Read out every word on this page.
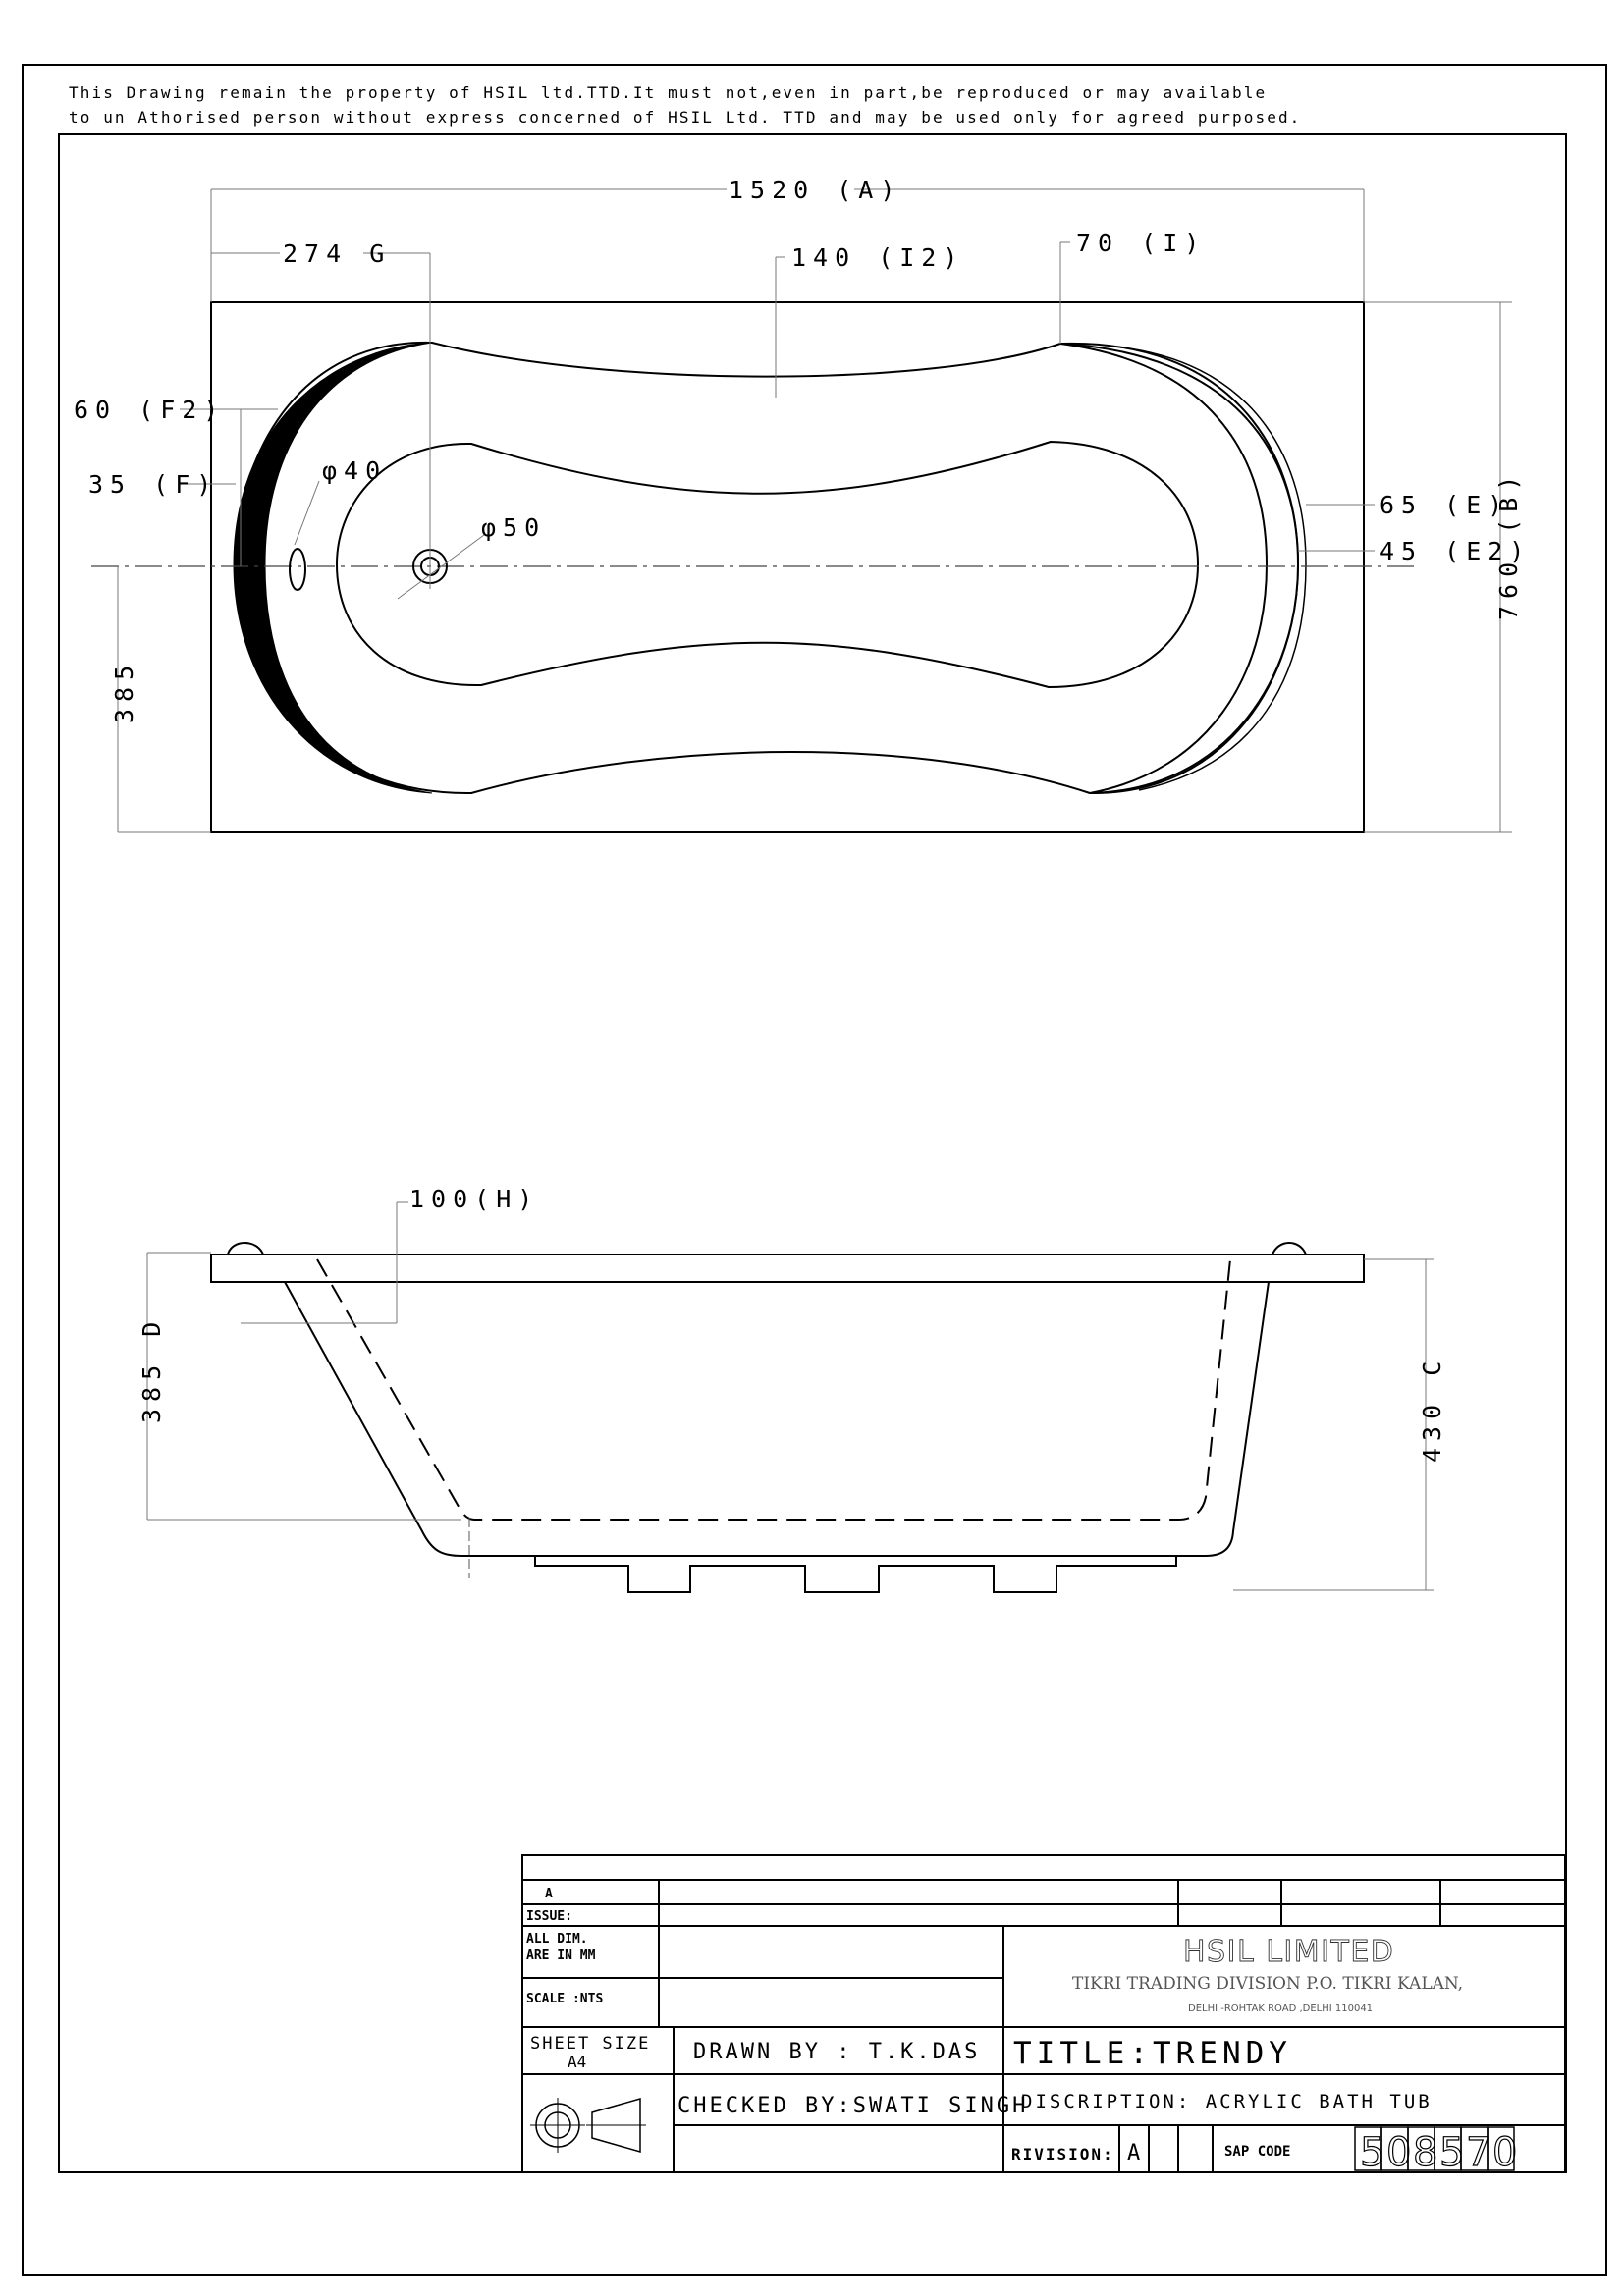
This Drawing remain the property of HSIL ltd.TTD.It must not,even in part,be reproduced or may available
to un Athorised person without express concerned of HSIL Ltd. TTD and may be used only for agreed purposed.
1520 (A)
274 G	140 (I2)
70 (I)
60 (F2)
35 (F)
65 (E)
45 (E2)
760 (B)
385
φ40
φ50
100(H)
385 D	430 C
A
ISSUE:
ALL DIM.
ARE IN MM
SCALE :NTS
HSIL LIMITED
TIKRI TRADING DIVISION P.O. TIKRI KALAN,
DELHI -ROHTAK ROAD ,DELHI 110041
SHEET SIZE
A4	DRAWN BY : T.K.DAS TITLE:TRENDY
CHECKED BY:SWATI SINGH
DISCRIPTION: ACRYLIC BATH TUB
RIVISION: A	SAP CODE 5 0 8 5 7 0
